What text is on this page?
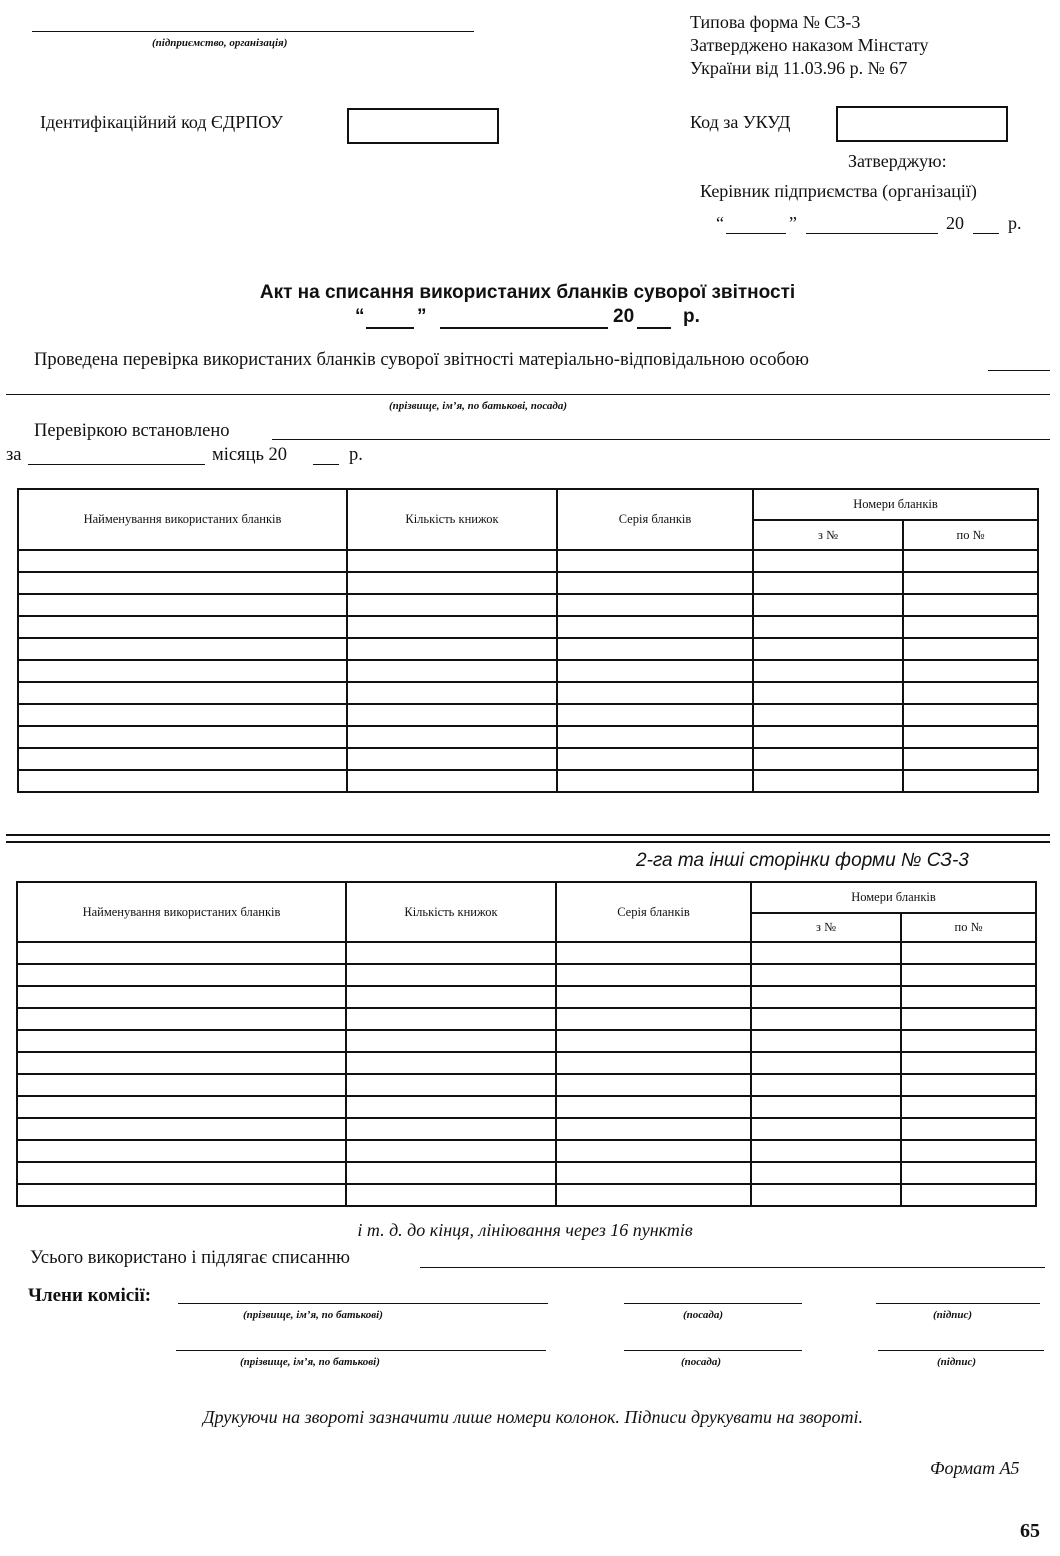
(підприємство, організація)
Ідентифікаційний код ЄДРПОУ
Типова форма № СЗ-3
Затверджено наказом Мінстату
України від 11.03.96 р. № 67
Код за УКУД
Затверджую:
Керівник підприємства (організації)
“	”	20 р.
Акт на списання використаних бланків суворої звітності
“	”	20	р.
Проведена перевірка використаних бланків суворої звітності матеріально-відповідальною особою
(прізвище, ім’я, по батькові, посада)
Перевіркою встановлено
за	місяць 20	р.
Найменування використаних бланків	Кількість книжок	Серія бланків	Номери бланків	
			з №	по №

2-га та інші сторінки форми № СЗ-3
Найменування використаних бланків	Кількість книжок	Серія бланків	Номери бланків	
			з №	по №

і т. д. до кінця, лініювання через 16 пунктів
Усього використано і підлягає списанню
Члени комісії:
(прізвище, ім’я, по батькові)	(посада)	(підпис)
(прізвище, ім’я, по батькові)	(посада)	(підпис)
Друкуючи на звороті зазначити лише номери колонок. Підписи друкувати на звороті.
Формат А5
65
